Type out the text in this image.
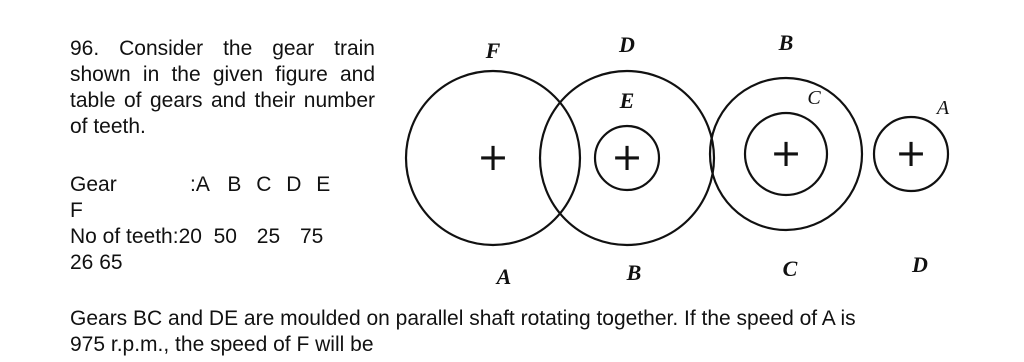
96. Consider the gear train shown in the given figure and table of gears and their number of teeth.
Gear	:A B C D E
F
No of teeth:20 50 25 75
26 65
+	+	+ +
F	D	B
E	C	A
A	B	C	D
Gears BC and DE are moulded on parallel shaft rotating together. If the speed of A is
975 r.p.m., the speed of F will be
